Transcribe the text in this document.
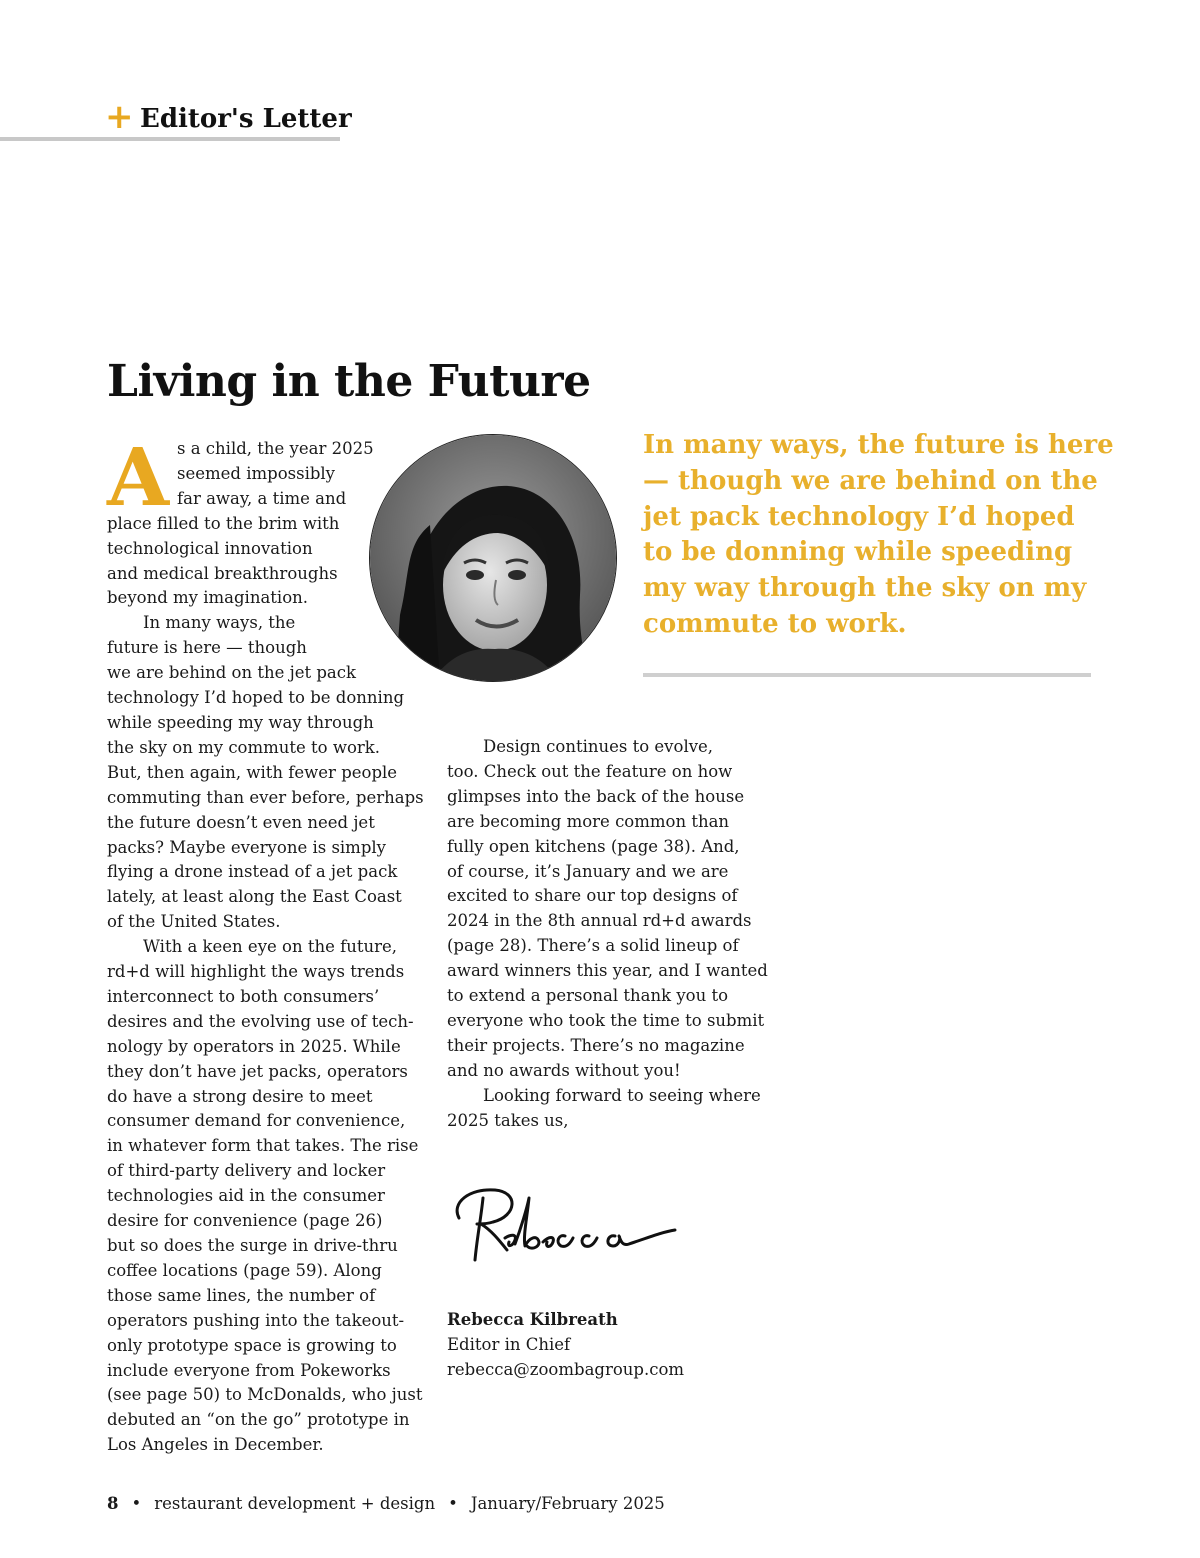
+ Editor's Letter
Living in the Future
A s a child, the year 2025
seemed impossibly
far away, a time and
place filled to the brim with
technological innovation
and medical breakthroughs
beyond my imagination.
In many ways, the
future is here — though
we are behind on the jet pack
technology I’d hoped to be donning
while speeding my way through
the sky on my commute to work.
But, then again, with fewer people
commuting than ever before, perhaps
the future doesn’t even need jet
packs? Maybe everyone is simply
flying a drone instead of a jet pack
lately, at least along the East Coast
of the United States.
With a keen eye on the future,
rd+d will highlight the ways trends
interconnect to both consumers’
desires and the evolving use of tech-
nology by operators in 2025. While
they don’t have jet packs, operators
do have a strong desire to meet
consumer demand for convenience,
in whatever form that takes. The rise
of third-party delivery and locker
technologies aid in the consumer
desire for convenience (page 26)
but so does the surge in drive-thru
coffee locations (page 59). Along
those same lines, the number of
operators pushing into the takeout-
only prototype space is growing to
include everyone from Pokeworks
(see page 50) to McDonalds, who just
debuted an “on the go” prototype in
Los Angeles in December.
In many ways, the future is here
— though we are behind on the
jet pack technology I’d hoped
to be donning while speeding
my way through the sky on my
commute to work.
Design continues to evolve,
too. Check out the feature on how
glimpses into the back of the house
are becoming more common than
fully open kitchens (page 38). And,
of course, it’s January and we are
excited to share our top designs of
2024 in the 8th annual rd+d awards
(page 28). There’s a solid lineup of
award winners this year, and I wanted
to extend a personal thank you to
everyone who took the time to submit
their projects. There’s no magazine
and no awards without you!
Looking forward to seeing where
2025 takes us,
Rebecca Kilbreath
Editor in Chief
rebecca@zoombagroup.com
8 • restaurant development + design • January/February 2025
